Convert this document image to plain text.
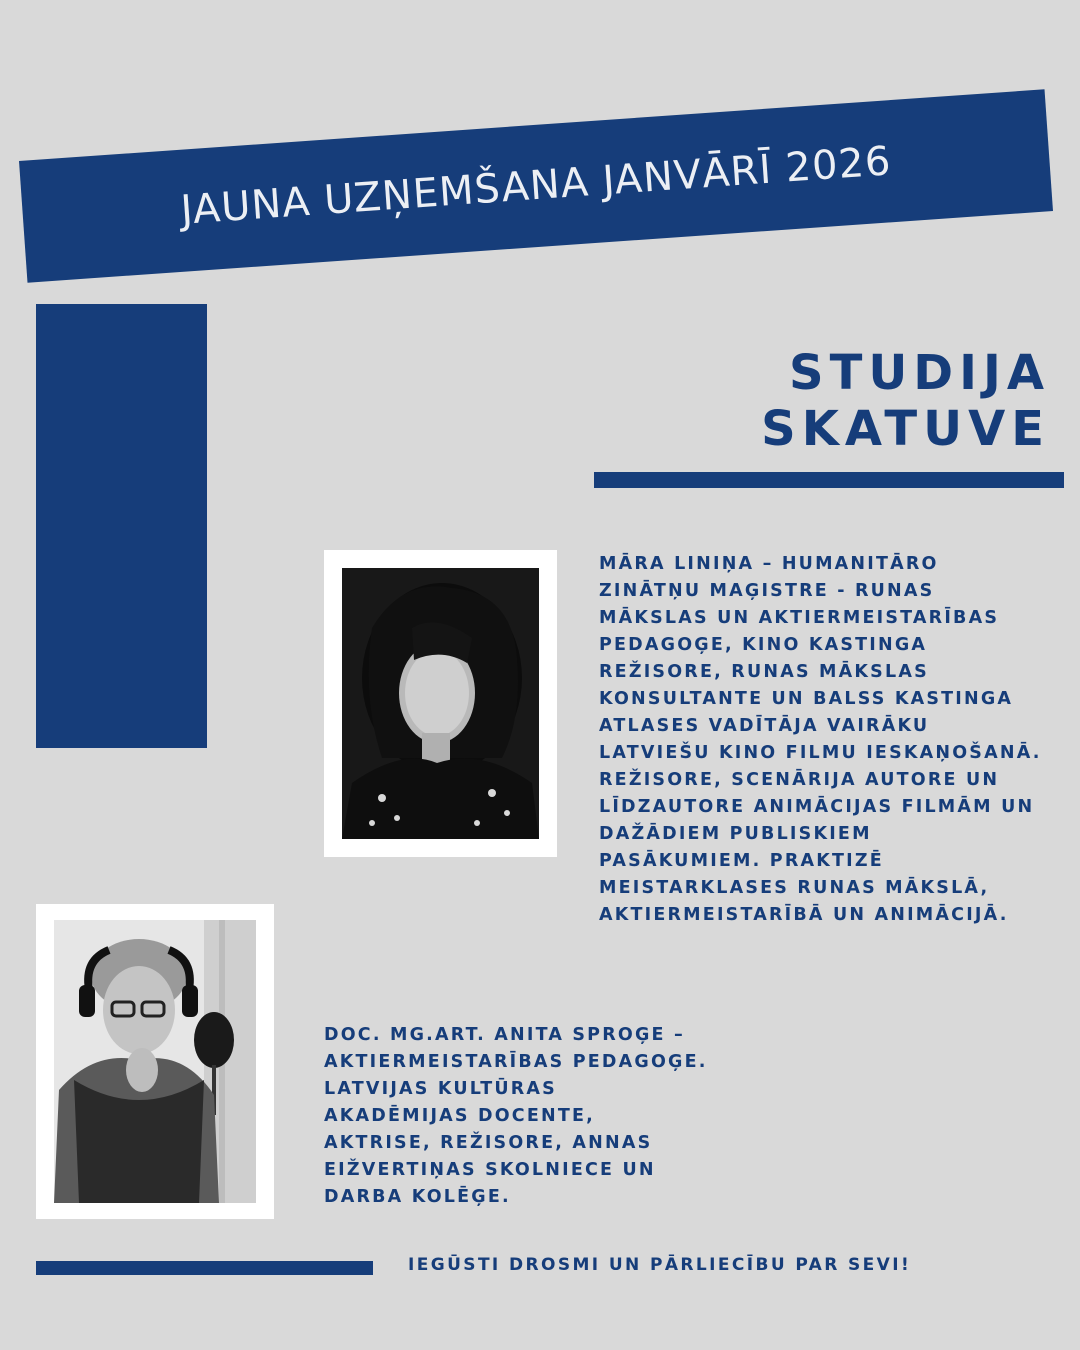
JAUNA UZŅEMŠANA JANVĀRĪ 2026
STUDIJA
SKATUVE
MĀRA LINIŅA – HUMANITĀRO
ZINĀTŅU MAĢISTRE - RUNAS
MĀKSLAS UN AKTIERMEISTARĪBAS
PEDAGOĢE, KINO KASTINGA
REŽISORE, RUNAS MĀKSLAS
KONSULTANTE UN BALSS KASTINGA
ATLASES VADĪTĀJA VAIRĀKU
LATVIEŠU KINO FILMU IESKAŅOŠANĀ.
REŽISORE, SCENĀRIJA AUTORE UN
LĪDZAUTORE ANIMĀCIJAS FILMĀM UN
DAŽĀDIEM PUBLISKIEM
PASĀKUMIEM. PRAKTIZĒ
MEISTARKLASES RUNAS MĀKSLĀ,
AKTIERMEISTARĪBĀ UN ANIMĀCIJĀ.
DOC. MG.ART. ANITA SPROĢE –
AKTIERMEISTARĪBAS PEDAGOĢE.
LATVIJAS KULTŪRAS
AKADĒMIJAS DOCENTE,
AKTRISE, REŽISORE, ANNAS
EIŽVERTIŅAS SKOLNIECE UN
DARBA KOLĒĢE.
IEGŪSTI DROSMI UN PĀRLIECĪBU PAR SEVI!
